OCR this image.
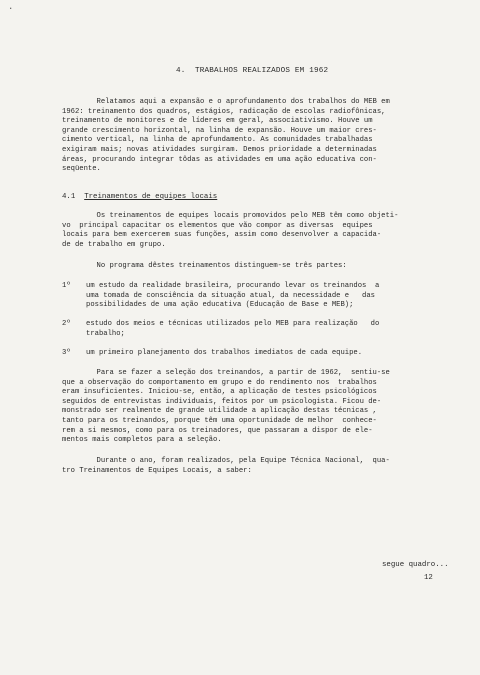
·
4.  TRABALHOS REALIZADOS EM 1962
Relatamos aqui a expansão e o aprofundamento dos trabalhos do MEB em
1962: treinamento dos quadros, estágios, radicação de escolas radiofônicas,
treinamento de monitores e de líderes em geral, associativismo. Houve um
grande crescimento horizontal, na linha de expansão. Houve um maior cres-
cimento vertical, na linha de aprofundamento. As comunidades trabalhadas
exigiram mais; novas atividades surgiram. Demos prioridade a determinadas
áreas, procurando integrar tôdas as atividades em uma ação educativa con-
seqüente.
4.1 Treinamentos de equipes locais
Os treinamentos de equipes locais promovidos pelo MEB têm como objeti-
vo  principal capacitar os elementos que vão compor as diversas  equipes
locais para bem exercerem suas funções, assim como desenvolver a capacida-
de de trabalho em grupo.
No programa dêstes treinamentos distinguem-se três partes:
1º um estudo da realidade brasileira, procurando levar os treinandos  a
uma tomada de consciência da situação atual, da necessidade e   das
possibilidades de uma ação educativa (Educação de Base e MEB);
2º estudo dos meios e técnicas utilizados pelo MEB para realização   do
trabalho;
3º um primeiro planejamento dos trabalhos imediatos de cada equipe.
Para se fazer a seleção dos treinandos, a partir de 1962,  sentiu-se
que a observação do comportamento em grupo e do rendimento nos  trabalhos
eram insuficientes. Iniciou-se, então, a aplicação de testes psicológicos
seguidos de entrevistas individuais, feitos por um psicologista. Ficou de-
monstrado ser realmente de grande utilidade a aplicação destas técnicas ,
tanto para os treinandos, porque têm uma oportunidade de melhor  conhece-
rem a si mesmos, como para os treinadores, que passaram a dispor de ele-
mentos mais completos para a seleção.
Durante o ano, foram realizados, pela Equipe Técnica Nacional,  qua-
tro Treinamentos de Equipes Locais, a saber:
segue quadro...
12
